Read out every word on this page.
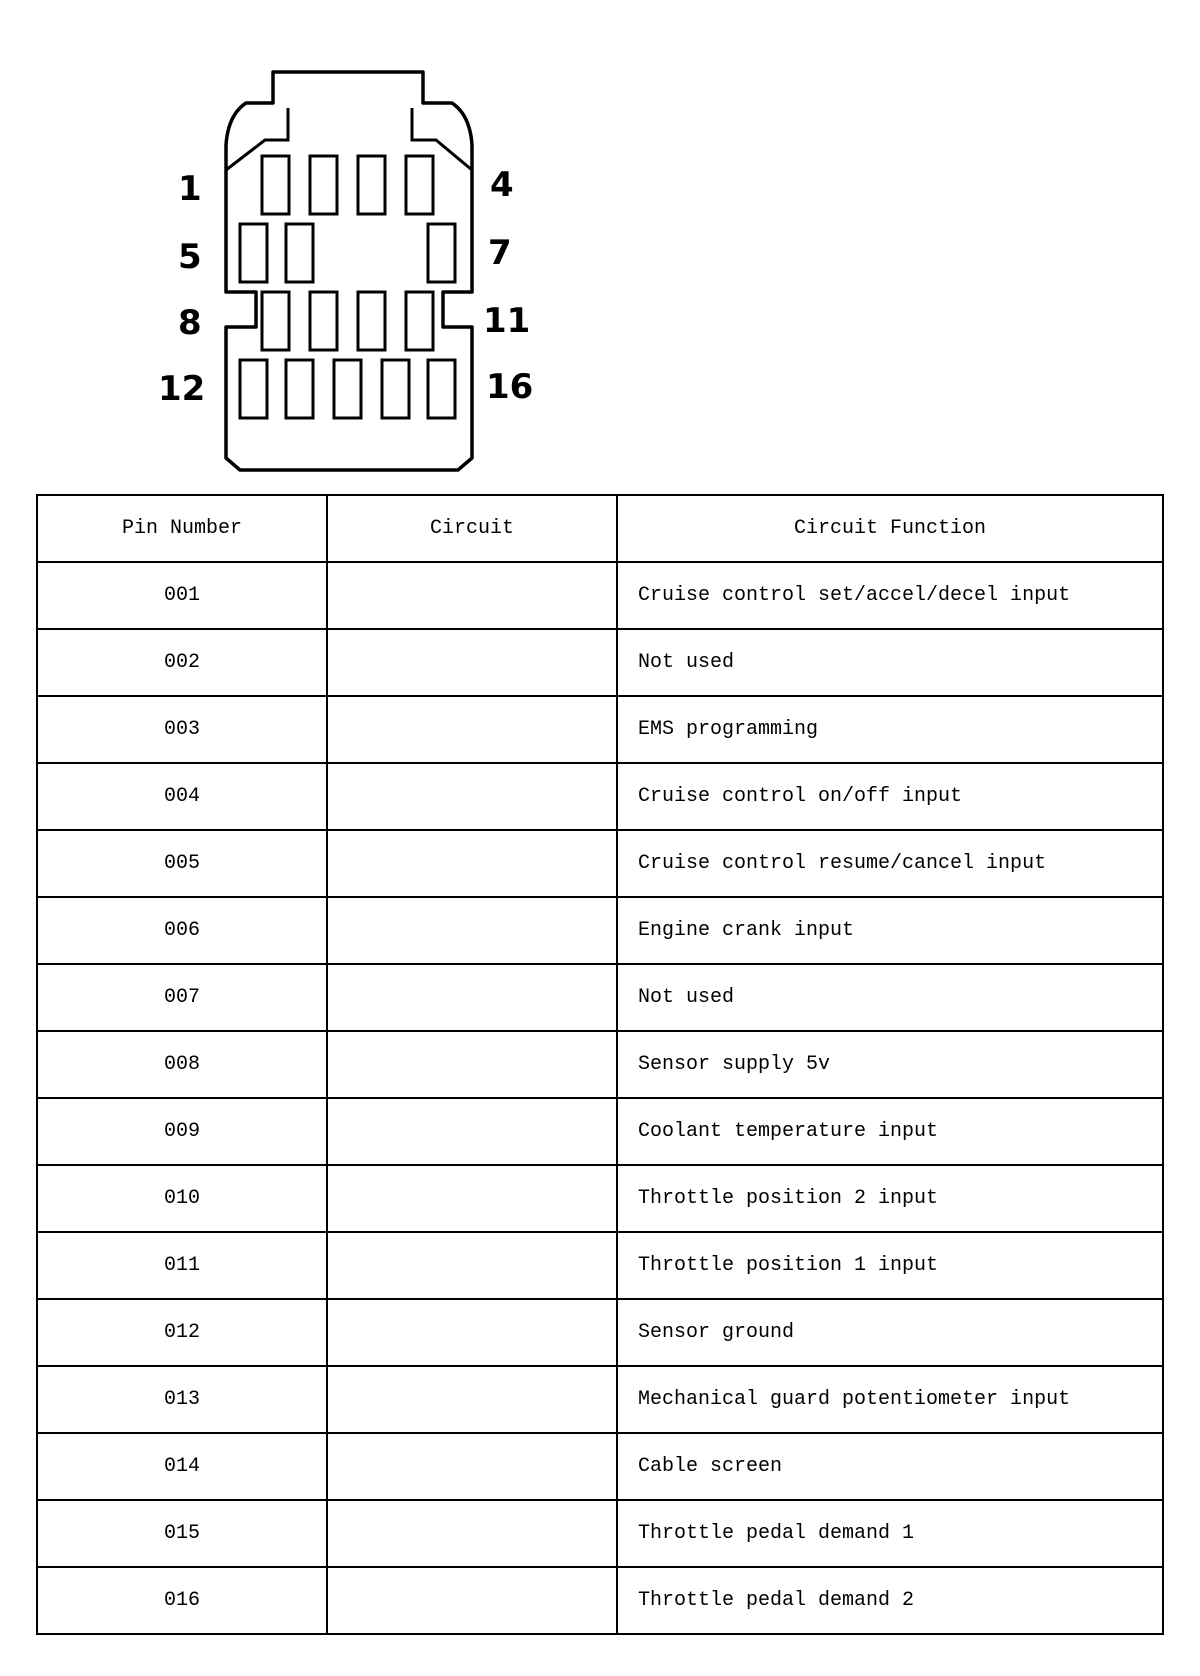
1	4
5	7
8	11
12	16
Pin Number	Circuit	Circuit Function
001		Cruise control set/accel/decel input
002		Not used
003		EMS programming
004		Cruise control on/off input
005		Cruise control resume/cancel input
006		Engine crank input
007		Not used
008		Sensor supply 5v
009		Coolant temperature input
010		Throttle position 2 input
011		Throttle position 1 input
012		Sensor ground
013		Mechanical guard potentiometer input
014		Cable screen
015		Throttle pedal demand 1
016		Throttle pedal demand 2
